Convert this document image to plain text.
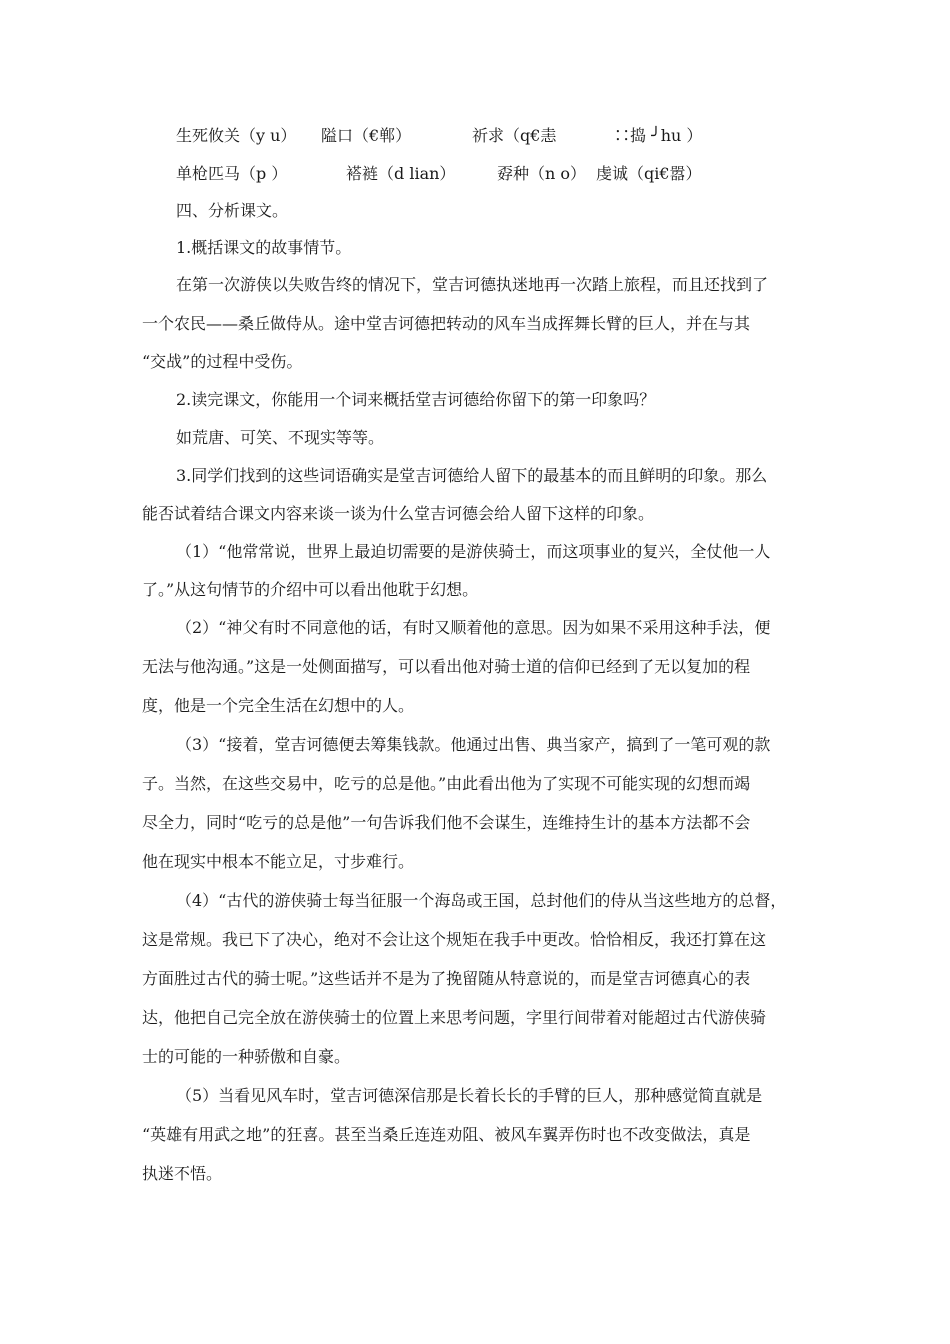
生死攸关（y u） 隘口（€郸）	祈求（q€恚	∷捣 ╯hu ）
单枪匹马（p ）	褡裢（d lian）	孬种（n o） 虔诚（qi€嚣）
四、分析课文。
1.概括课文的故事情节。
在第一次游侠以失败告终的情况下，堂吉诃德执迷地再一次踏上旅程，而且还找到了
一个农民——桑丘做侍从。途中堂吉诃德把转动的风车当成挥舞长臂的巨人，并在与其
“交战”的过程中受伤。
2.读完课文，你能用一个词来概括堂吉诃德给你留下的第一印象吗？
如荒唐、可笑、不现实等等。
3.同学们找到的这些词语确实是堂吉诃德给人留下的最基本的而且鲜明的印象。那么
能否试着结合课文内容来谈一谈为什么堂吉诃德会给人留下这样的印象。
（1）“他常常说，世界上最迫切需要的是游侠骑士，而这项事业的复兴，全仗他一人
了。”从这句情节的介绍中可以看出他耽于幻想。
（2）“神父有时不同意他的话，有时又顺着他的意思。因为如果不采用这种手法，便
无法与他沟通。”这是一处侧面描写，可以看出他对骑士道的信仰已经到了无以复加的程
度，他是一个完全生活在幻想中的人。
（3）“接着，堂吉诃德便去筹集钱款。他通过出售、典当家产，搞到了一笔可观的款
子。当然，在这些交易中，吃亏的总是他。”由此看出他为了实现不可能实现的幻想而竭
尽全力，同时“吃亏的总是他”一句告诉我们他不会谋生，连维持生计的基本方法都不会
他在现实中根本不能立足，寸步难行。
（4）“古代的游侠骑士每当征服一个海岛或王国，总封他们的侍从当这些地方的总督，
这是常规。我已下了决心，绝对不会让这个规矩在我手中更改。恰恰相反，我还打算在这
方面胜过古代的骑士呢。”这些话并不是为了挽留随从特意说的，而是堂吉诃德真心的表
达，他把自己完全放在游侠骑士的位置上来思考问题，字里行间带着对能超过古代游侠骑
士的可能的一种骄傲和自豪。
（5）当看见风车时，堂吉诃德深信那是长着长长的手臂的巨人，那种感觉简直就是
“英雄有用武之地”的狂喜。甚至当桑丘连连劝阻、被风车翼弄伤时也不改变做法，真是
执迷不悟。
